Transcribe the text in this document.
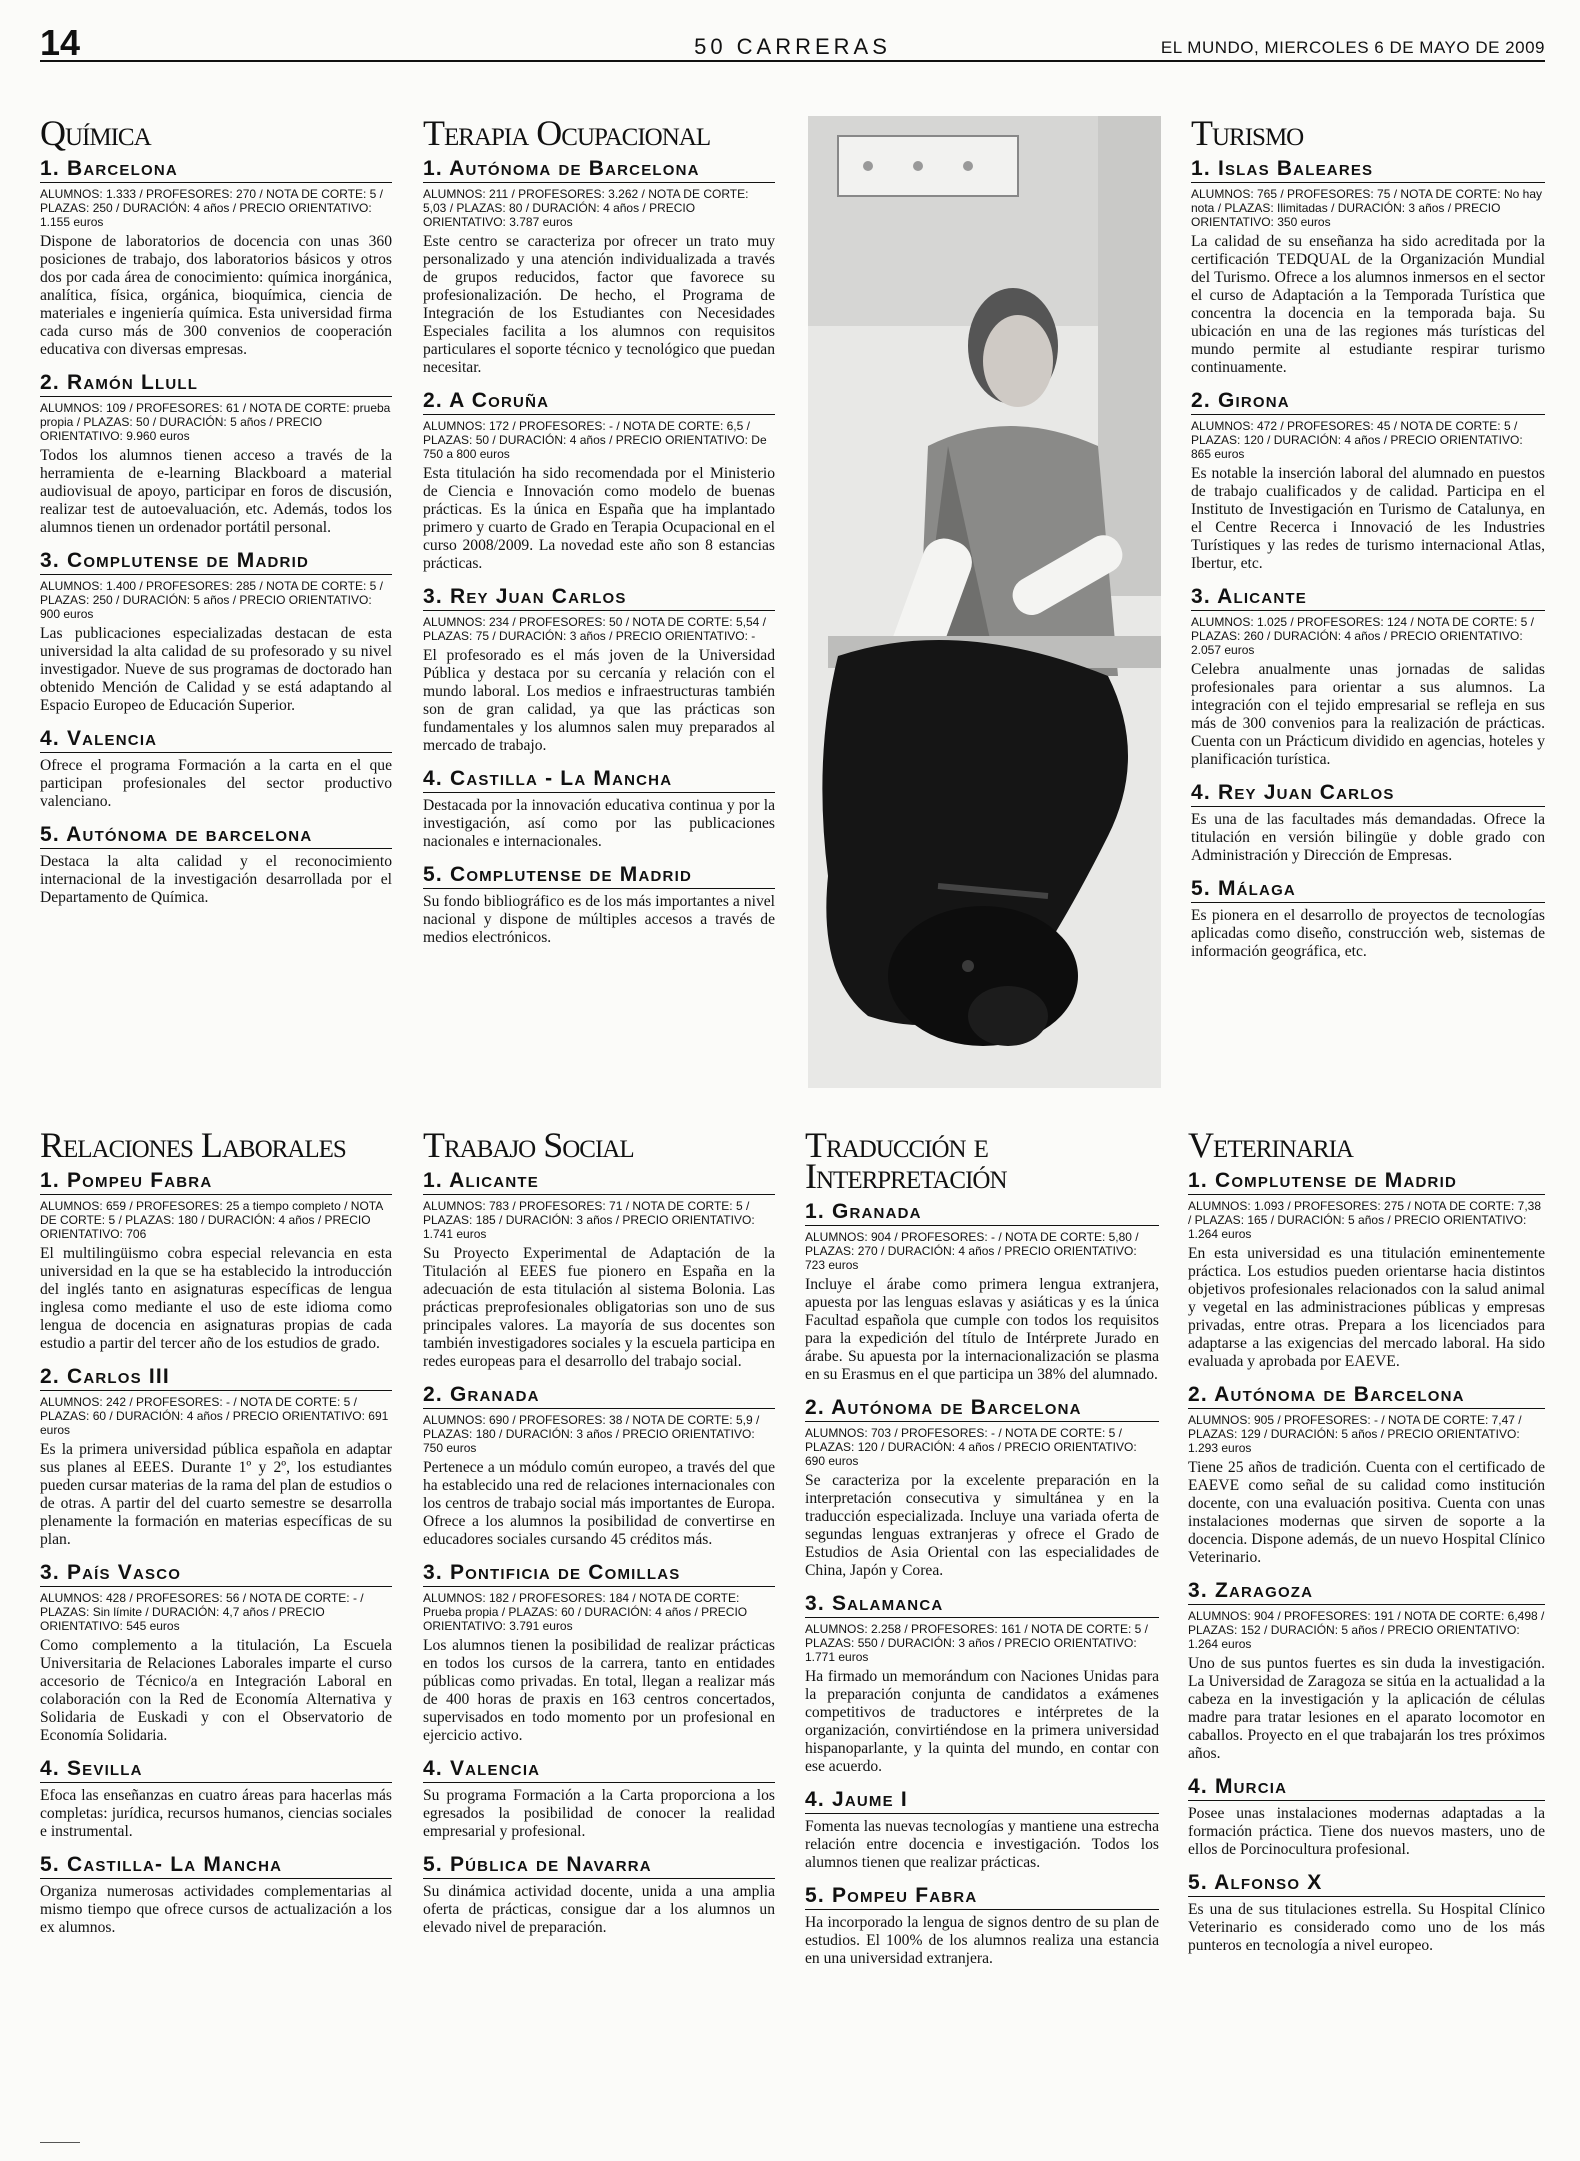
14	50 CARRERAS	EL MUNDO, MIERCOLES 6 DE MAYO DE 2009
Química
1. Barcelona
ALUMNOS: 1.333 / PROFESORES: 270 / NOTA DE CORTE: 5 / PLAZAS: 250 / DURACIÓN: 4 años / PRECIO ORIENTATIVO: 1.155 euros

Dispone de laboratorios de docencia con unas 360 posiciones de trabajo, dos laboratorios básicos y otros dos por cada área de conocimiento: química inorgánica, analítica, física, orgánica, bioquímica, ciencia de materiales e ingeniería química. Esta universidad firma cada curso más de 300 convenios de cooperación educativa con diversas empresas.

2. Ramón Llull
ALUMNOS: 109 / PROFESORES: 61 / NOTA DE CORTE: prueba propia / PLAZAS: 50 / DURACIÓN: 5 años / PRECIO ORIENTATIVO: 9.960 euros

Todos los alumnos tienen acceso a través de la herramienta de e-learning Blackboard a material audiovisual de apoyo, participar en foros de discusión, realizar test de autoevaluación, etc. Además, todos los alumnos tienen un ordenador portátil personal.

3. Complutense de Madrid
ALUMNOS: 1.400 / PROFESORES: 285 / NOTA DE CORTE: 5 / PLAZAS: 250 / DURACIÓN: 5 años / PRECIO ORIENTATIVO: 900 euros

Las publicaciones especializadas destacan de esta universidad la alta calidad de su profesorado y su nivel investigador. Nueve de sus programas de doctorado han obtenido Mención de Calidad y se está adaptando al Espacio Europeo de Educación Superior.

4. Valencia

Ofrece el programa Formación a la carta en el que participan profesionales del sector productivo valenciano.

5. Autónoma de barcelona

Destaca la alta calidad y el reconocimiento internacional de la investigación desarrollada por el Departamento de Química.

Terapia Ocupacional
1. Autónoma de Barcelona
ALUMNOS: 211 / PROFESORES: 3.262 / NOTA DE CORTE: 5,03 / PLAZAS: 80 / DURACIÓN: 4 años / PRECIO ORIENTATIVO: 3.787 euros

Este centro se caracteriza por ofrecer un trato muy personalizado y una atención individualizada a través de grupos reducidos, factor que favorece su profesionalización. De hecho, el Programa de Integración de los Estudiantes con Necesidades Especiales facilita a los alumnos con requisitos particulares el soporte técnico y tecnológico que puedan necesitar.

2. A Coruña
ALUMNOS: 172 / PROFESORES: - / NOTA DE CORTE: 6,5 / PLAZAS: 50 / DURACIÓN: 4 años / PRECIO ORIENTATIVO: De 750 a 800 euros

Esta titulación ha sido recomendada por el Ministerio de Ciencia e Innovación como modelo de buenas prácticas. Es la única en España que ha implantado primero y cuarto de Grado en Terapia Ocupacional en el curso 2008/2009. La novedad este año son 8 estancias prácticas.

3. Rey Juan Carlos
ALUMNOS: 234 / PROFESORES: 50 / NOTA DE CORTE: 5,54 / PLAZAS: 75 / DURACIÓN: 3 años / PRECIO ORIENTATIVO: -

El profesorado es el más joven de la Universidad Pública y destaca por su cercanía y relación con el mundo laboral. Los medios e infraestructuras también son de gran calidad, ya que las prácticas son fundamentales y los alumnos salen muy preparados al mercado de trabajo.

4. Castilla - La Mancha

Destacada por la innovación educativa continua y por la investigación, así como por las publicaciones nacionales e internacionales.

5. Complutense de Madrid

Su fondo bibliográfico es de los más importantes a nivel nacional y dispone de múltiples accesos a través de medios electrónicos.

Turismo
1. Islas Baleares
ALUMNOS: 765 / PROFESORES: 75 / NOTA DE CORTE: No hay nota / PLAZAS: Ilimitadas / DURACIÓN: 3 años / PRECIO ORIENTATIVO: 350 euros

La calidad de su enseñanza ha sido acreditada por la certificación TEDQUAL de la Organización Mundial del Turismo. Ofrece a los alumnos inmersos en el sector el curso de Adaptación a la Temporada Turística que concentra la docencia en la temporada baja. Su ubicación en una de las regiones más turísticas del mundo permite al estudiante respirar turismo continuamente.

2. Girona
ALUMNOS: 472 / PROFESORES: 45 / NOTA DE CORTE: 5 / PLAZAS: 120 / DURACIÓN: 4 años / PRECIO ORIENTATIVO: 865 euros

Es notable la inserción laboral del alumnado en puestos de trabajo cualificados y de calidad. Participa en el Instituto de Investigación en Turismo de Catalunya, en el Centre Recerca i Innovació de les Industries Turístiques y las redes de turismo internacional Atlas, Ibertur, etc.

3. Alicante
ALUMNOS: 1.025 / PROFESORES: 124 / NOTA DE CORTE: 5 / PLAZAS: 260 / DURACIÓN: 4 años / PRECIO ORIENTATIVO: 2.057 euros

Celebra anualmente unas jornadas de salidas profesionales para orientar a sus alumnos. La integración con el tejido empresarial se refleja en sus más de 300 convenios para la realización de prácticas. Cuenta con un Prácticum dividido en agencias, hoteles y planificación turística.

4. Rey Juan Carlos

Es una de las facultades más demandadas. Ofrece la titulación en versión bilingüe y doble grado con Administración y Dirección de Empresas.

5. Málaga

Es pionera en el desarrollo de proyectos de tecnologías aplicadas como diseño, construcción web, sistemas de información geográfica, etc.

Relaciones Laborales
1. Pompeu Fabra
ALUMNOS: 659 / PROFESORES: 25 a tiempo completo / NOTA DE CORTE: 5 / PLAZAS: 180 / DURACIÓN: 4 años / PRECIO ORIENTATIVO: 706

El multilingüismo cobra especial relevancia en esta universidad en la que se ha establecido la introducción del inglés tanto en asignaturas específicas de lengua inglesa como mediante el uso de este idioma como lengua de docencia en asignaturas propias de cada estudio a partir del tercer año de los estudios de grado.

2. Carlos III
ALUMNOS: 242 / PROFESORES: - / NOTA DE CORTE: 5 / PLAZAS: 60 / DURACIÓN: 4 años / PRECIO ORIENTATIVO: 691 euros

Es la primera universidad pública española en adaptar sus planes al EEES. Durante 1º y 2º, los estudiantes pueden cursar materias de la rama del plan de estudios o de otras. A partir del del cuarto semestre se desarrolla plenamente la formación en materias específicas de su plan.

3. País Vasco
ALUMNOS: 428 / PROFESORES: 56 / NOTA DE CORTE: - / PLAZAS: Sin límite / DURACIÓN: 4,7 años / PRECIO ORIENTATIVO: 545 euros

Como complemento a la titulación, La Escuela Universitaria de Relaciones Laborales imparte el curso accesorio de Técnico/a en Integración Laboral en colaboración con la Red de Economía Alternativa y Solidaria de Euskadi y con el Observatorio de Economía Solidaria.

4. Sevilla

Efoca las enseñanzas en cuatro áreas para hacerlas más completas: jurídica, recursos humanos, ciencias sociales e instrumental.

5. Castilla- La Mancha

Organiza numerosas actividades complementarias al mismo tiempo que ofrece cursos de actualización a los ex alumnos.

Trabajo Social
1. Alicante
ALUMNOS: 783 / PROFESORES: 71 / NOTA DE CORTE: 5 / PLAZAS: 185 / DURACIÓN: 3 años / PRECIO ORIENTATIVO: 1.741 euros

Su Proyecto Experimental de Adaptación de la Titulación al EEES fue pionero en España en la adecuación de esta titulación al sistema Bolonia. Las prácticas preprofesionales obligatorias son uno de sus principales valores. La mayoría de sus docentes son también investigadores sociales y la escuela participa en redes europeas para el desarrollo del trabajo social.

2. Granada
ALUMNOS: 690 / PROFESORES: 38 / NOTA DE CORTE: 5,9 / PLAZAS: 180 / DURACIÓN: 3 años / PRECIO ORIENTATIVO: 750 euros

Pertenece a un módulo común europeo, a través del que ha establecido una red de relaciones internacionales con los centros de trabajo social más importantes de Europa. Ofrece a los alumnos la posibilidad de convertirse en educadores sociales cursando 45 créditos más.

3. Pontificia de Comillas
ALUMNOS: 182 / PROFESORES: 184 / NOTA DE CORTE: Prueba propia / PLAZAS: 60 / DURACIÓN: 4 años / PRECIO ORIENTATIVO: 3.791 euros

Los alumnos tienen la posibilidad de realizar prácticas en todos los cursos de la carrera, tanto en entidades públicas como privadas. En total, llegan a realizar más de 400 horas de praxis en 163 centros concertados, supervisados en todo momento por un profesional en ejercicio activo.

4. Valencia

Su programa Formación a la Carta proporciona a los egresados la posibilidad de conocer la realidad empresarial y profesional.

5. Pública de Navarra

Su dinámica actividad docente, unida a una amplia oferta de prácticas, consigue dar a los alumnos un elevado nivel de preparación.

Traducción e Interpretación
1. Granada
ALUMNOS: 904 / PROFESORES: - / NOTA DE CORTE: 5,80 / PLAZAS: 270 / DURACIÓN: 4 años / PRECIO ORIENTATIVO: 723 euros

Incluye el árabe como primera lengua extranjera, apuesta por las lenguas eslavas y asiáticas y es la única Facultad española que cumple con todos los requisitos para la expedición del título de Intérprete Jurado en árabe. Su apuesta por la internacionalización se plasma en su Erasmus en el que participa un 38% del alumnado.

2. Autónoma de Barcelona
ALUMNOS: 703 / PROFESORES: - / NOTA DE CORTE: 5 / PLAZAS: 120 / DURACIÓN: 4 años / PRECIO ORIENTATIVO: 690 euros

Se caracteriza por la excelente preparación en la interpretación consecutiva y simultánea y en la traducción especializada. Incluye una variada oferta de segundas lenguas extranjeras y ofrece el Grado de Estudios de Asia Oriental con las especialidades de China, Japón y Corea.

3. Salamanca
ALUMNOS: 2.258 / PROFESORES: 161 / NOTA DE CORTE: 5 / PLAZAS: 550 / DURACIÓN: 3 años / PRECIO ORIENTATIVO: 1.771 euros

Ha firmado un memorándum con Naciones Unidas para la preparación conjunta de candidatos a exámenes competitivos de traductores e intérpretes de la organización, convirtiéndose en la primera universidad hispanoparlante, y la quinta del mundo, en contar con ese acuerdo.

4. Jaume I

Fomenta las nuevas tecnologías y mantiene una estrecha relación entre docencia e investigación. Todos los alumnos tienen que realizar prácticas.

5. Pompeu Fabra

Ha incorporado la lengua de signos dentro de su plan de estudios. El 100% de los alumnos realiza una estancia en una universidad extranjera.

Veterinaria
1. Complutense de Madrid
ALUMNOS: 1.093 / PROFESORES: 275 / NOTA DE CORTE: 7,38 / PLAZAS: 165 / DURACIÓN: 5 años / PRECIO ORIENTATIVO: 1.264 euros

En esta universidad es una titulación eminentemente práctica. Los estudios pueden orientarse hacia distintos objetivos profesionales relacionados con la salud animal y vegetal en las administraciones públicas y empresas privadas, entre otras. Prepara a los licenciados para adaptarse a las exigencias del mercado laboral. Ha sido evaluada y aprobada por EAEVE.

2. Autónoma de Barcelona
ALUMNOS: 905 / PROFESORES: - / NOTA DE CORTE: 7,47 / PLAZAS: 129 / DURACIÓN: 5 años / PRECIO ORIENTATIVO: 1.293 euros

Tiene 25 años de tradición. Cuenta con el certificado de EAEVE como señal de su calidad como institución docente, con una evaluación positiva. Cuenta con unas instalaciones modernas que sirven de soporte a la docencia. Dispone además, de un nuevo Hospital Clínico Veterinario.

3. Zaragoza
ALUMNOS: 904 / PROFESORES: 191 / NOTA DE CORTE: 6,498 / PLAZAS: 152 / DURACIÓN: 5 años / PRECIO ORIENTATIVO: 1.264 euros

Uno de sus puntos fuertes es sin duda la investigación. La Universidad de Zaragoza se sitúa en la actualidad a la cabeza en la investigación y la aplicación de células madre para tratar lesiones en el aparato locomotor en caballos. Proyecto en el que trabajarán los tres próximos años.

4. Murcia

Posee unas instalaciones modernas adaptadas a la formación práctica. Tiene dos nuevos masters, uno de ellos de Porcinocultura profesional.

5. Alfonso X

Es una de sus titulaciones estrella. Su Hospital Clínico Veterinario es considerado como uno de los más punteros en tecnología a nivel europeo.
